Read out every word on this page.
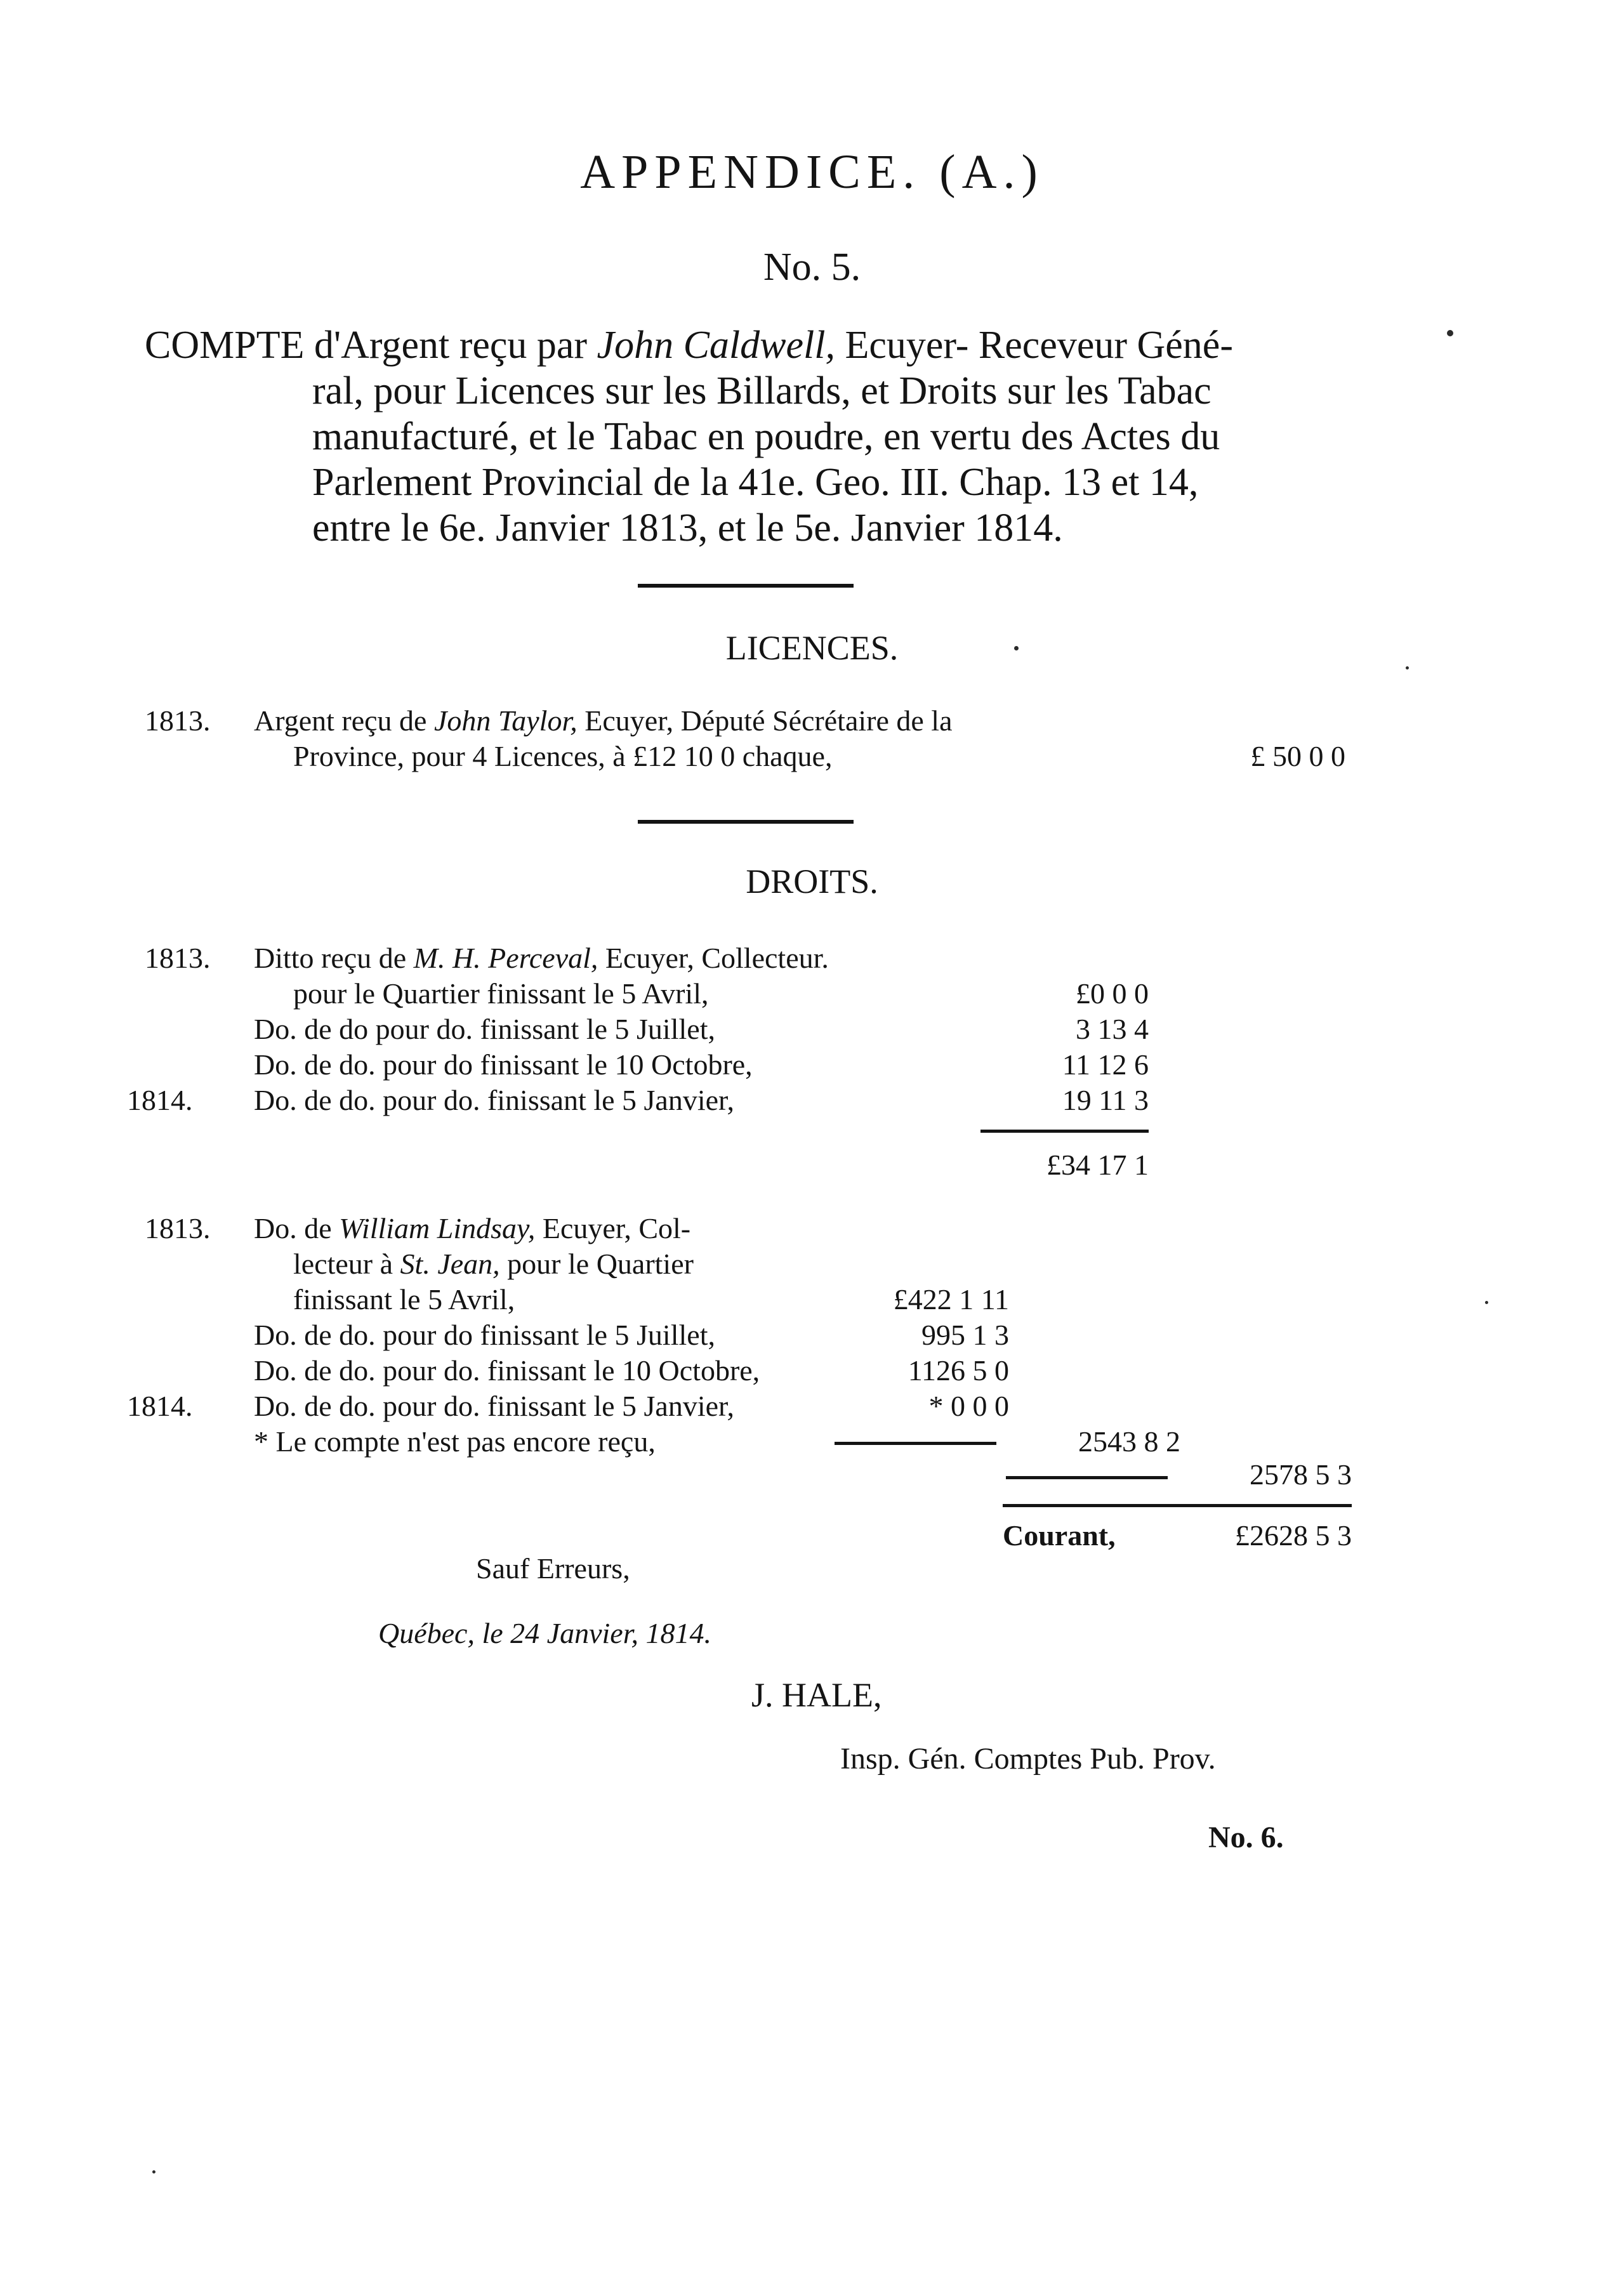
APPENDICE. (A.)
No. 5.
COMPTE d'Argent reçu par John Caldwell, Ecuyer- Receveur Géné-
ral, pour Licences sur les Billards, et Droits sur les Tabac
manufacturé, et le Tabac en poudre, en vertu des Actes du
Parlement Provincial de la 41e. Geo. III. Chap. 13 et 14,
entre le 6e. Janvier 1813, et le 5e. Janvier 1814.
LICENCES.
1813. Argent reçu de John Taylor, Ecuyer, Député Sécrétaire de la
Province, pour 4 Licences, à £12 10 0 chaque,	£ 50 0 0
DROITS.
1813. Ditto reçu de M. H. Perceval, Ecuyer, Collecteur.
pour le Quartier finissant le 5 Avril,	£0 0 0
Do. de do pour do. finissant le 5 Juillet,	3 13 4
Do. de do. pour do finissant le 10 Octobre,	11 12 6
1814. Do. de do. pour do. finissant le 5 Janvier,	19 11 3
£34 17 1
1813. Do. de William Lindsay, Ecuyer, Col-
lecteur à St. Jean, pour le Quartier
finissant le 5 Avril,	£422 1 11
Do. de do. pour do finissant le 5 Juillet,	995 1 3
Do. de do. pour do. finissant le 10 Octobre,	1126 5 0
1814. Do. de do. pour do. finissant le 5 Janvier,	* 0 0 0
* Le compte n'est pas encore reçu,	2543 8 2
2578 5 3
Courant,	£2628 5 3
Sauf Erreurs,
Québec, le 24 Janvier, 1814.
J. HALE,
Insp. Gén. Comptes Pub. Prov.
No. 6.
